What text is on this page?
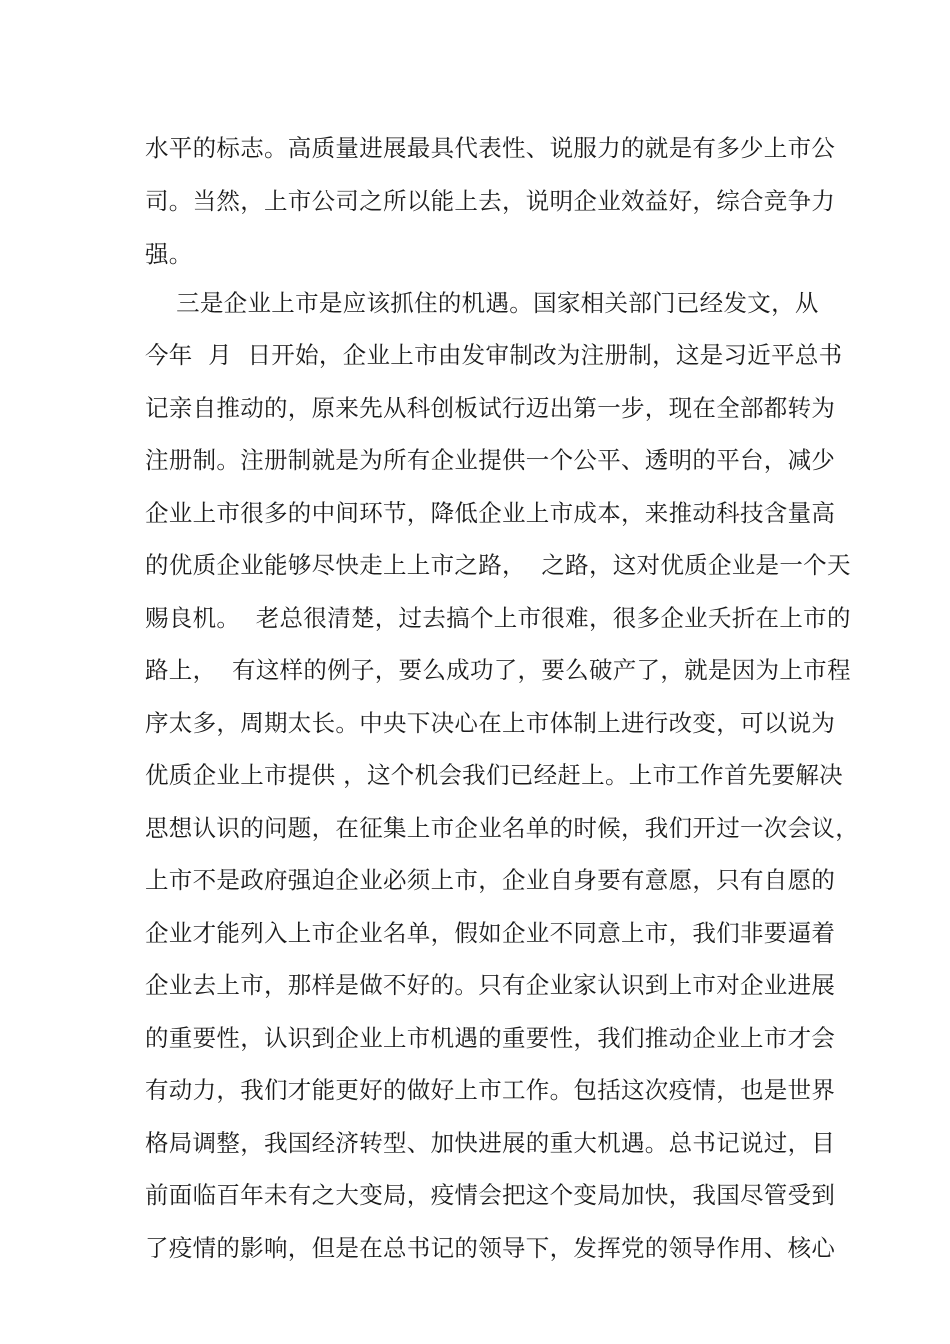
水平的标志。高质量进展最具代表性、说服力的就是有多少上市公
司。当然，上市公司之所以能上去，说明企业效益好，综合竞争力
强。
三是企业上市是应该抓住的机遇。国家相关部门已经发文，从
今年  月  日开始，企业上市由发审制改为注册制，这是习近平总书
记亲自推动的，原来先从科创板试行迈出第一步，现在全部都转为
注册制。注册制就是为所有企业提供一个公平、透明的平台，减少
企业上市很多的中间环节，降低企业上市成本，来推动科技含量高
的优质企业能够尽快走上上市之路，  之路，这对优质企业是一个天
赐良机。  老总很清楚，过去搞个上市很难，很多企业夭折在上市的
路上，  有这样的例子，要么成功了，要么破产了，就是因为上市程
序太多，周期太长。中央下决心在上市体制上进行改变，可以说为
优质企业上市提供 ，这个机会我们已经赶上。上市工作首先要解决
思想认识的问题，在征集上市企业名单的时候，我们开过一次会议，
上市不是政府强迫企业必须上市，企业自身要有意愿，只有自愿的
企业才能列入上市企业名单，假如企业不同意上市，我们非要逼着
企业去上市，那样是做不好的。只有企业家认识到上市对企业进展
的重要性，认识到企业上市机遇的重要性，我们推动企业上市才会
有动力，我们才能更好的做好上市工作。包括这次疫情，也是世界
格局调整，我国经济转型、加快进展的重大机遇。总书记说过，目
前面临百年未有之大变局，疫情会把这个变局加快，我国尽管受到
了疫情的影响，但是在总书记的领导下，发挥党的领导作用、核心
